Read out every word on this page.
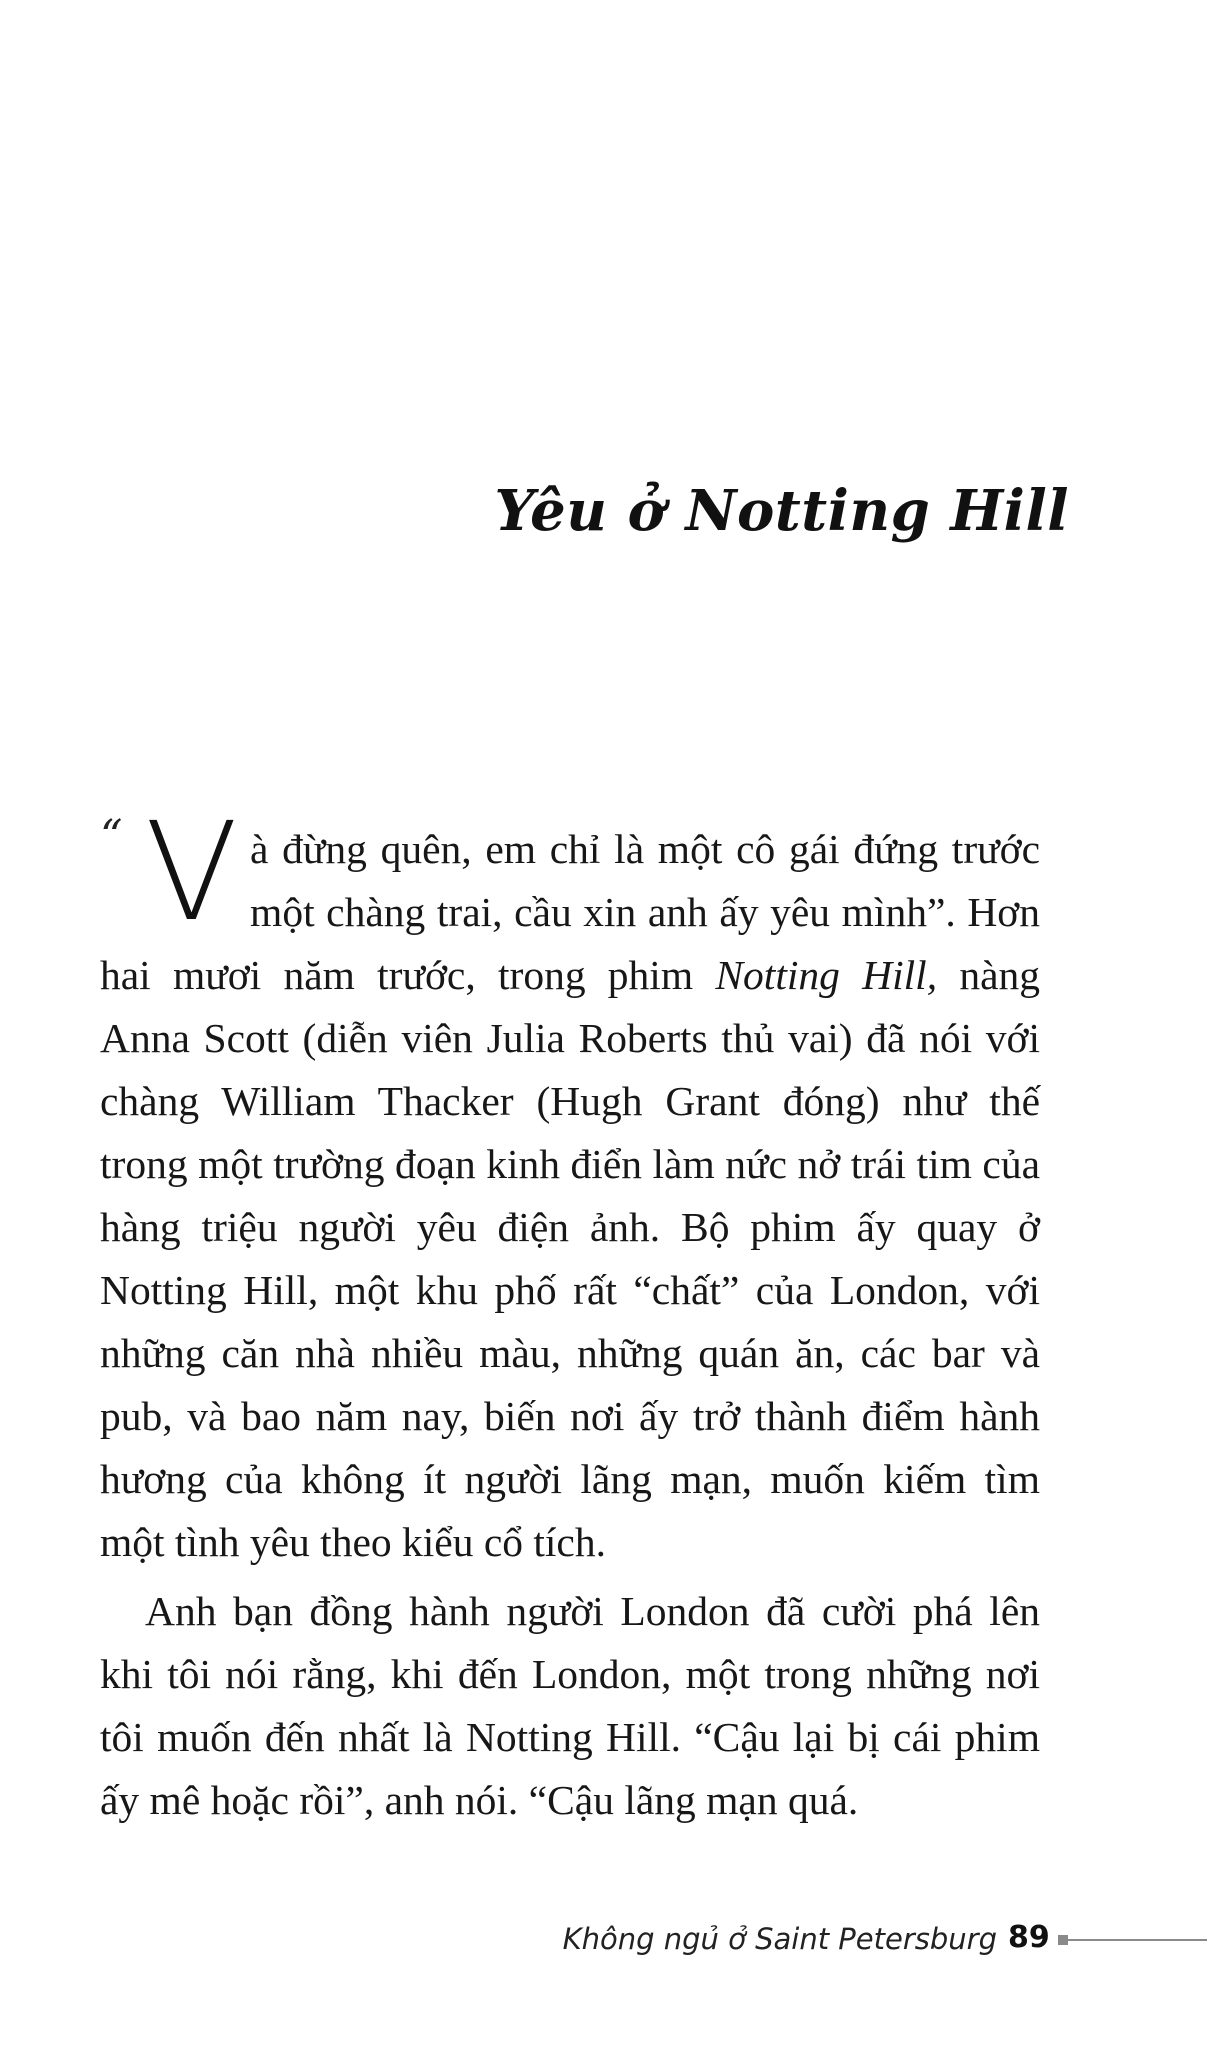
Yêu ở Notting Hill

“ V à đừng quên, em chỉ là một cô gái đứng trước một chàng trai, cầu xin anh ấy yêu mình”. Hơn hai mươi năm trước, trong phim Notting Hill, nàng Anna Scott (diễn viên Julia Roberts thủ vai) đã nói với chàng William Thacker (Hugh Grant đóng) như thế trong một trường đoạn kinh điển làm nức nở trái tim của hàng triệu người yêu điện ảnh. Bộ phim ấy quay ở Notting Hill, một khu phố rất “chất” của London, với những căn nhà nhiều màu, những quán ăn, các bar và pub, và bao năm nay, biến nơi ấy trở thành điểm hành hương của không ít người lãng mạn, muốn kiếm tìm một tình yêu theo kiểu cổ tích.

Anh bạn đồng hành người London đã cười phá lên khi tôi nói rằng, khi đến London, một trong những nơi tôi muốn đến nhất là Notting Hill. “Cậu lại bị cái phim ấy mê hoặc rồi”, anh nói. “Cậu lãng mạn quá.

Không ngủ ở Saint Petersburg 89
